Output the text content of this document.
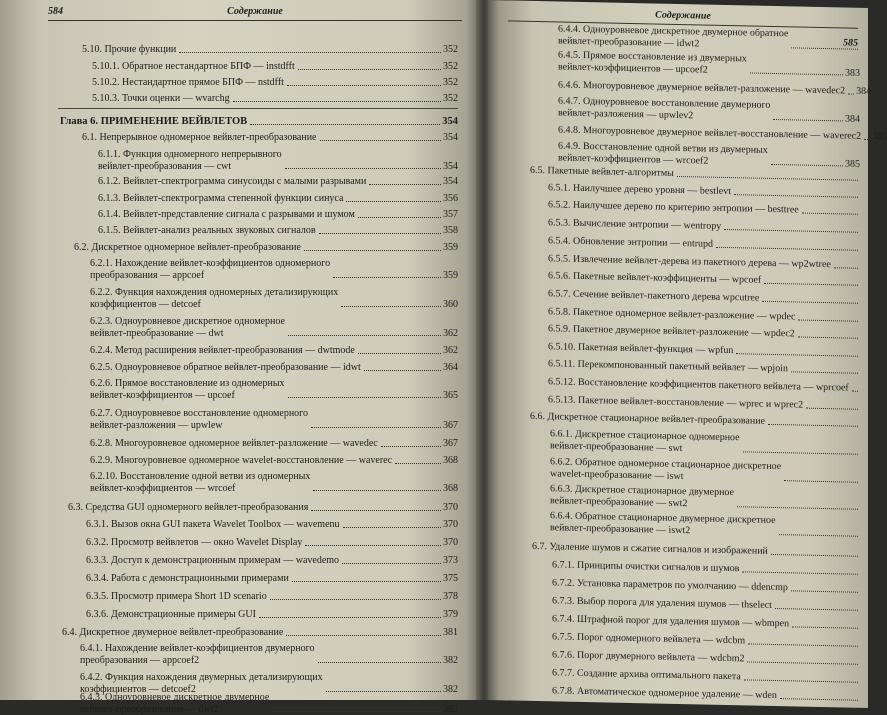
584	Содержание
5.10. Прочие функции	352
5.10.1. Обратное нестандартное БПФ — instdfft	352
5.10.2. Нестандартное прямое БПФ — nstdfft	352
5.10.3. Точки оценки — wvarchg	352
Глава 6. ПРИМЕНЕНИЕ ВЕЙВЛЕТОВ	354
6.1. Непрерывное одномерное вейвлет-преобразование	354
6.1.1. Функция одномерного непрерывного
вейвлет-преобразования — cwt	354
6.1.2. Вейвлет-спектрограмма синусоиды с малыми разрывами	354
6.1.3. Вейвлет-спектрограмма степенной функции синуса	356
6.1.4. Вейвлет-представление сигнала с разрывами и шумом	357
6.1.5. Вейвлет-анализ реальных звуковых сигналов	358
6.2. Дискретное одномерное вейвлет-преобразование	359
6.2.1. Нахождение вейвлет-коэффициентов одномерного
преобразования — appcoef	359
6.2.2. Функция нахождения одномерных детализирующих
коэффициентов — detcoef	360
6.2.3. Одноуровневое дискретное одномерное
вейвлет-преобразование — dwt	362
6.2.4. Метод расширения вейвлет-преобразования — dwtmode	362
6.2.5. Одноуровневое обратное вейвлет-преобразование — idwt	364
6.2.6. Прямое восстановление из одномерных
вейвлет-коэффициентов — upcoef	365
6.2.7. Одноуровневое восстановление одномерного
вейвлет-разложения — upwlew	367
6.2.8. Многоуровневое одномерное вейвлет-разложение — wavedec	367
6.2.9. Многоуровневое одномерное wavelet-восстановление — waverec	368
6.2.10. Восстановление одной ветви из одномерных
вейвлет-коэффициентов — wrcoef	368
6.3. Средства GUI одномерного вейвлет-преобразования	370
6.3.1. Вызов окна GUI пакета Wavelet Toolbox — wavemenu	370
6.3.2. Просмотр вейвлетов — окно Wavelet Display	370
6.3.3. Доступ к демонстрационным примерам — wavedemo	373
6.3.4. Работа с демонстрационными примерами	375
6.3.5. Просмотр примера Short 1D scenario	378
6.3.6. Демонстрационные примеры GUI	379
6.4. Дискретное двумерное вейвлет-преобразование	381
6.4.1. Нахождение вейвлет-коэффициентов двумерного
преобразования — appcoef2	382
6.4.2. Функция нахождения двумерных детализирующих
коэффициентов — detcoef2	382
6.4.3. Одноуровневое дискретное двумерное
вейвлет-преобразование — dwt2	383
Содержание
585
6.4.4. Одноуровневое дискретное двумерное обратное
вейвлет-преобразование — idwt2
6.4.5. Прямое восстановление из двумерных
вейвлет-коэффициентов — upcoef2	383
6.4.6. Многоуровневое двумерное вейвлет-разложение — wavedec2 384
6.4.7. Одноуровневое восстановление двумерного
вейвлет-разложения — upwlev2	384
6.4.8. Многоуровневое двумерное вейвлет-восстановление — waverec2 385
6.4.9. Восстановление одной ветви из двумерных
вейвлет-коэффициентов — wrcoef2	385
6.5. Пакетные вейвлет-алгоритмы
6.5.1. Наилучшее дерево уровня — bestlevt
6.5.2. Наилучшее дерево по критерию энтропии — besttree
6.5.3. Вычисление энтропии — wentropy
6.5.4. Обновление энтропии — entrupd
6.5.5. Извлечение вейвлет-дерева из пакетного дерева — wp2wtree
6.5.6. Пакетные вейвлет-коэффициенты — wpcoef
6.5.7. Сечение вейвлет-пакетного дерева wpcutree
6.5.8. Пакетное одномерное вейвлет-разложение — wpdec
6.5.9. Пакетное двумерное вейвлет-разложение — wpdec2
6.5.10. Пакетная вейвлет-функция — wpfun
6.5.11. Перекомпонованный пакетный вейвлет — wpjoin
6.5.12. Восстановление коэффициентов пакетного вейвлета — wprcoef
6.5.13. Пакетное вейвлет-восстановление — wprec и wprec2
6.6. Дискретное стационарное вейвлет-преобразование
6.6.1. Дискретное стационарное одномерное
вейвлет-преобразование — swt
6.6.2. Обратное одномерное стационарное дискретное
wavelet-преобразование — iswt
6.6.3. Дискретное стационарное двумерное
вейвлет-преобразование — swt2
6.6.4. Обратное стационарное двумерное дискретное
вейвлет-преобразование — iswt2
6.7. Удаление шумов и сжатие сигналов и изображений
6.7.1. Принципы очистки сигналов и шумов
6.7.2. Установка параметров по умолчанию — ddencmp
6.7.3. Выбор порога для удаления шумов — thselect
6.7.4. Штрафной порог для удаления шумов — wbmpen
6.7.5. Порог одномерного вейвлета — wdcbm
6.7.6. Порог двумерного вейвлета — wdcbm2
6.7.7. Создание архива оптимального пакета
6.7.8. Автоматическое одномерное удаление — wden
